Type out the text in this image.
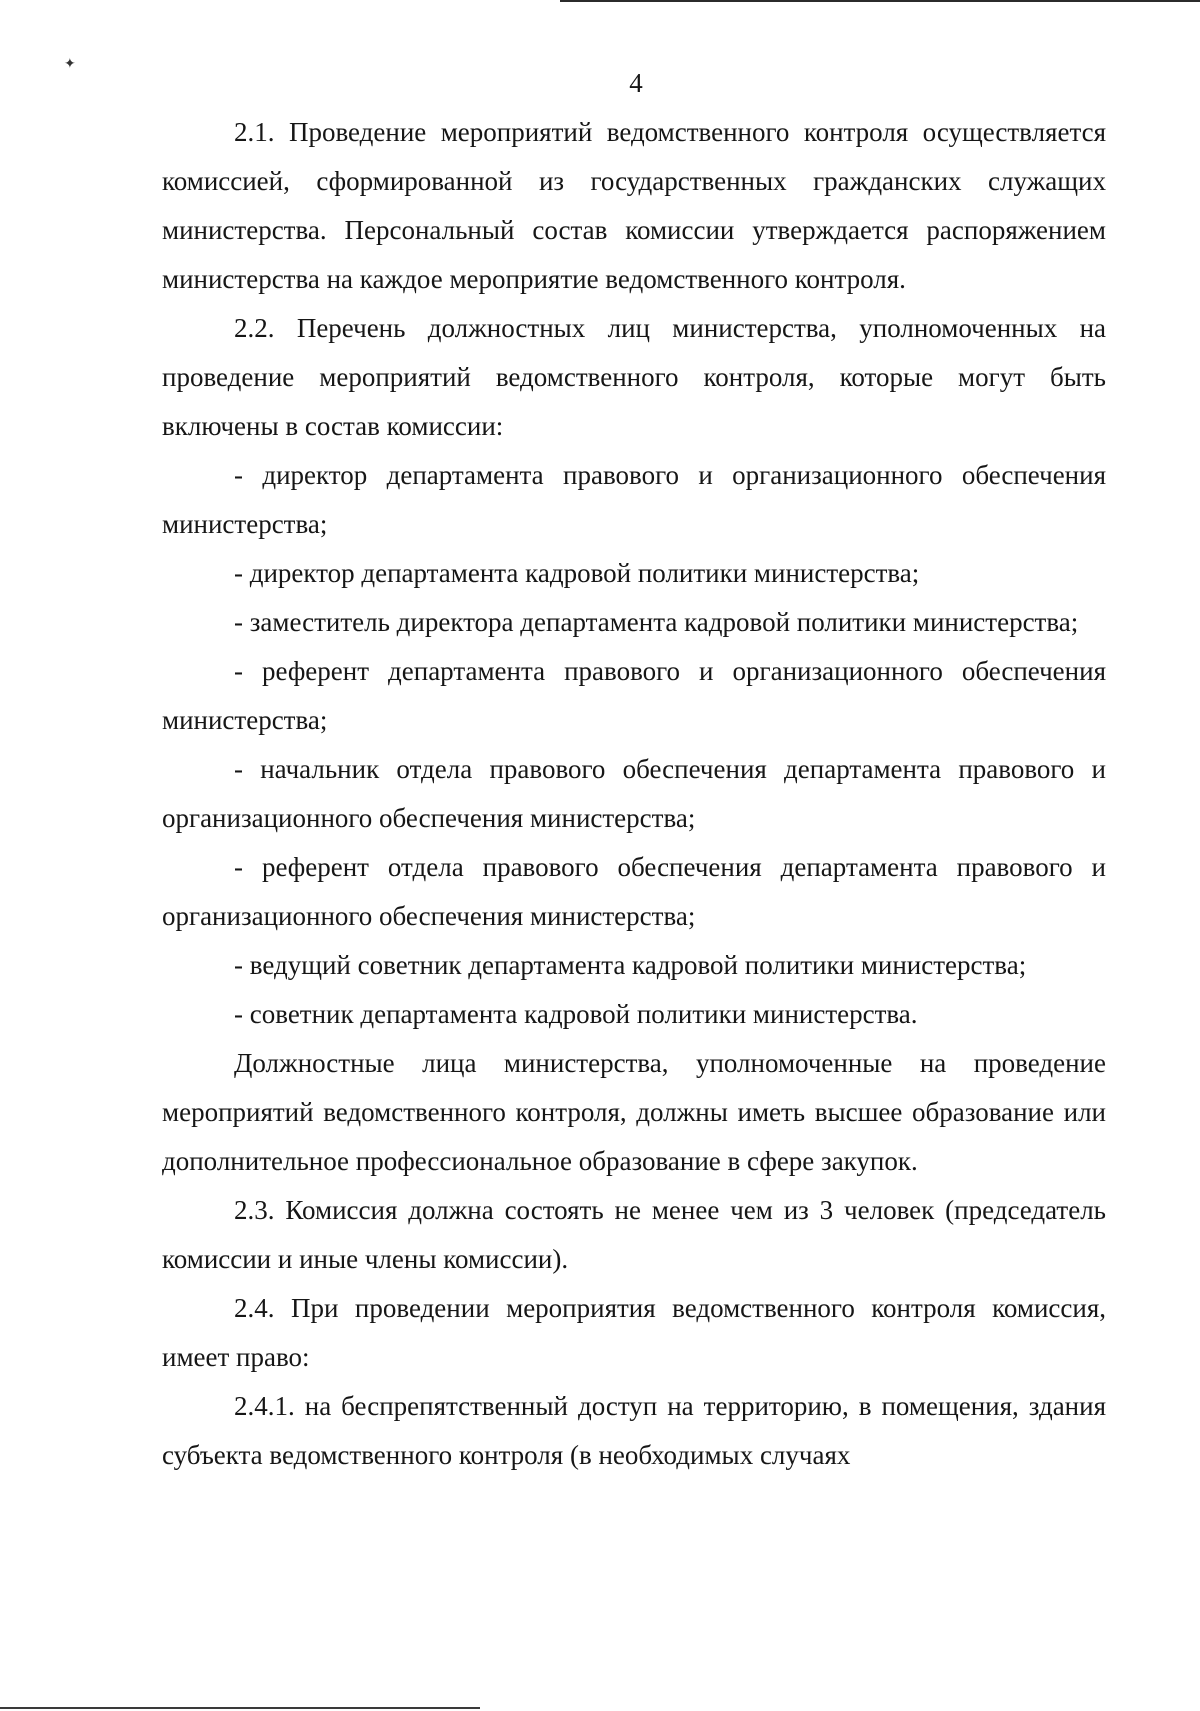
✦
4

2.1. Проведение мероприятий ведомственного контроля осуществляется комиссией, сформированной из государственных гражданских служащих министерства. Персональный состав комиссии утверждается распоряжением министерства на каждое мероприятие ведомственного контроля.

2.2. Перечень должностных лиц министерства, уполномоченных на проведение мероприятий ведомственного контроля, которые могут быть включены в состав комиссии:

- директор департамента правового и организационного обеспечения министерства;

- директор департамента кадровой политики министерства;

- заместитель директора департамента кадровой политики министерства;

- референт департамента правового и организационного обеспечения министерства;

- начальник отдела правового обеспечения департамента правового и организационного обеспечения министерства;

- референт отдела правового обеспечения департамента правового и организационного обеспечения министерства;

- ведущий советник департамента кадровой политики министерства;

- советник департамента кадровой политики министерства.

Должностные лица министерства, уполномоченные на проведение мероприятий ведомственного контроля, должны иметь высшее образование или дополнительное профессиональное образование в сфере закупок.

2.3. Комиссия должна состоять не менее чем из 3 человек (председатель комиссии и иные члены комиссии).

2.4. При проведении мероприятия ведомственного контроля комиссия, имеет право:

2.4.1. на беспрепятственный доступ на территорию, в помещения, здания субъекта ведомственного контроля (в необходимых случаях
